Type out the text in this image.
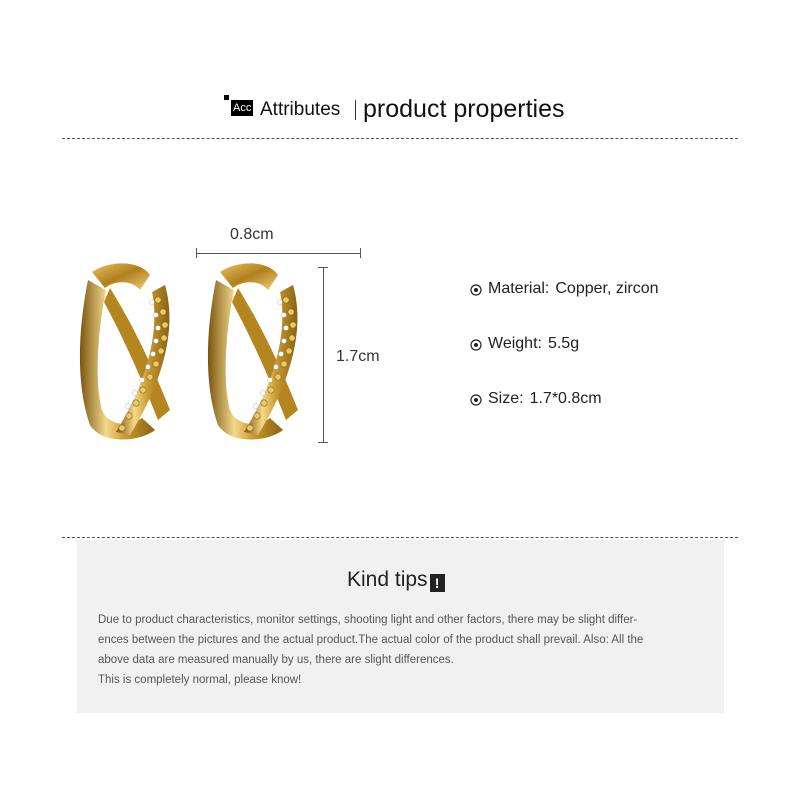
Acc Attributes product properties
0.8cm
1.7cm
Material: Copper, zircon
Weight: 5.5g
Size: 1.7*0.8cm
Kind tips !

Due to product characteristics, monitor settings, shooting light and other factors, there may be slight differ-

ences between the pictures and the actual product.The actual color of the product shall prevail. Also: All the

above data are measured manually by us, there are slight differences.

This is completely normal, please know!
